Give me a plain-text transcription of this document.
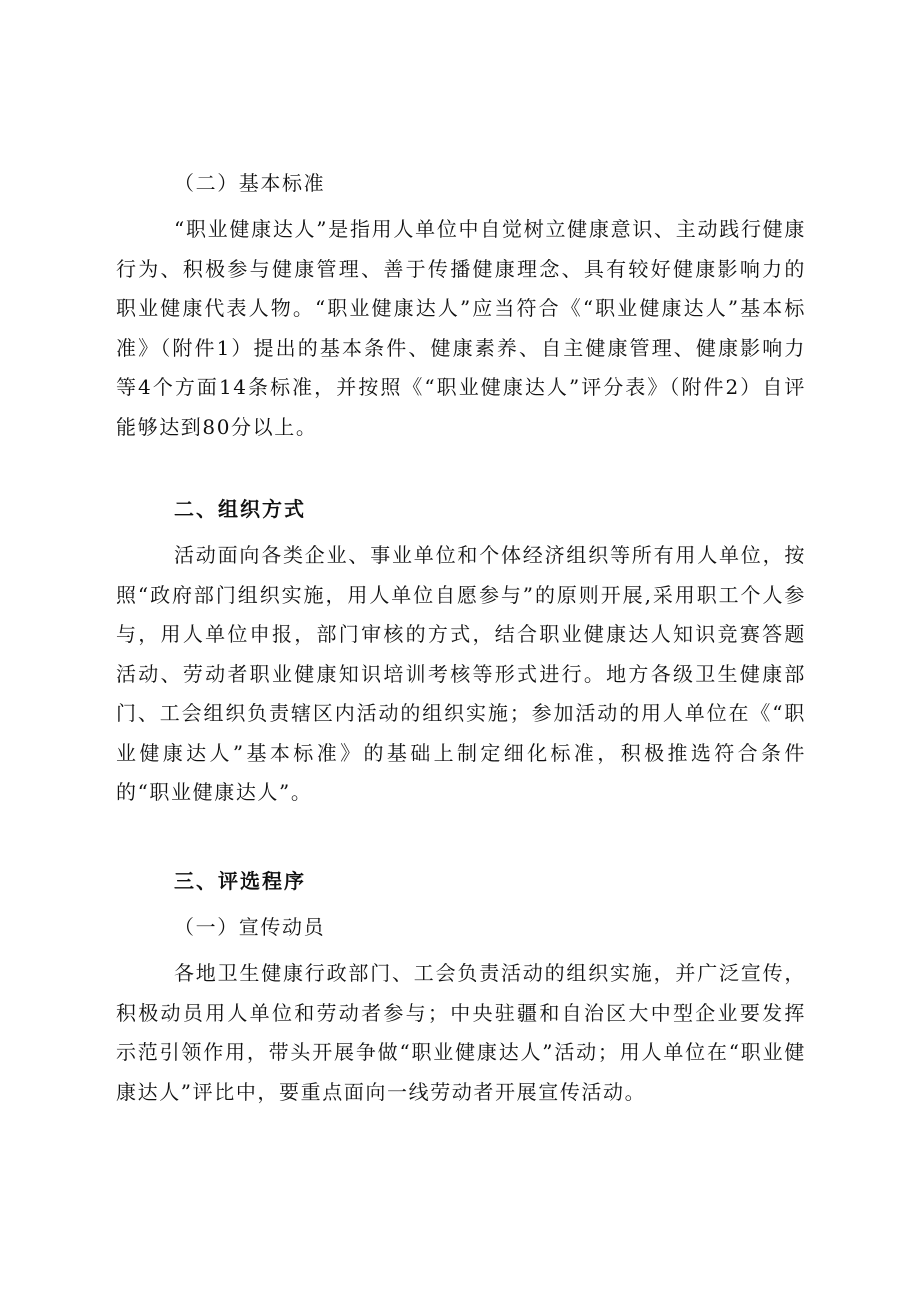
（二）基本标准

“职业健康达人”是指用人单位中自觉树立健康意识、主动践行健康行为、积极参与健康管理、善于传播健康理念、具有较好健康影响力的职业健康代表人物。“职业健康达人”应当符合《“职业健康达人”基本标准》（附件1）提出的基本条件、健康素养、自主健康管理、健康影响力等4个方面14条标准，并按照《“职业健康达人”评分表》（附件2）自评能够达到80分以上。

二、组织方式

活动面向各类企业、事业单位和个体经济组织等所有用人单位，按照“政府部门组织实施，用人单位自愿参与”的原则开展,采用职工个人参与，用人单位申报，部门审核的方式，结合职业健康达人知识竞赛答题活动、劳动者职业健康知识培训考核等形式进行。地方各级卫生健康部门、工会组织负责辖区内活动的组织实施；参加活动的用人单位在《“职业健康达人”基本标准》的基础上制定细化标准，积极推选符合条件的“职业健康达人”。

三、评选程序

（一）宣传动员

各地卫生健康行政部门、工会负责活动的组织实施，并广泛宣传，积极动员用人单位和劳动者参与；中央驻疆和自治区大中型企业要发挥示范引领作用，带头开展争做“职业健康达人”活动；用人单位在“职业健康达人”评比中，要重点面向一线劳动者开展宣传活动。
